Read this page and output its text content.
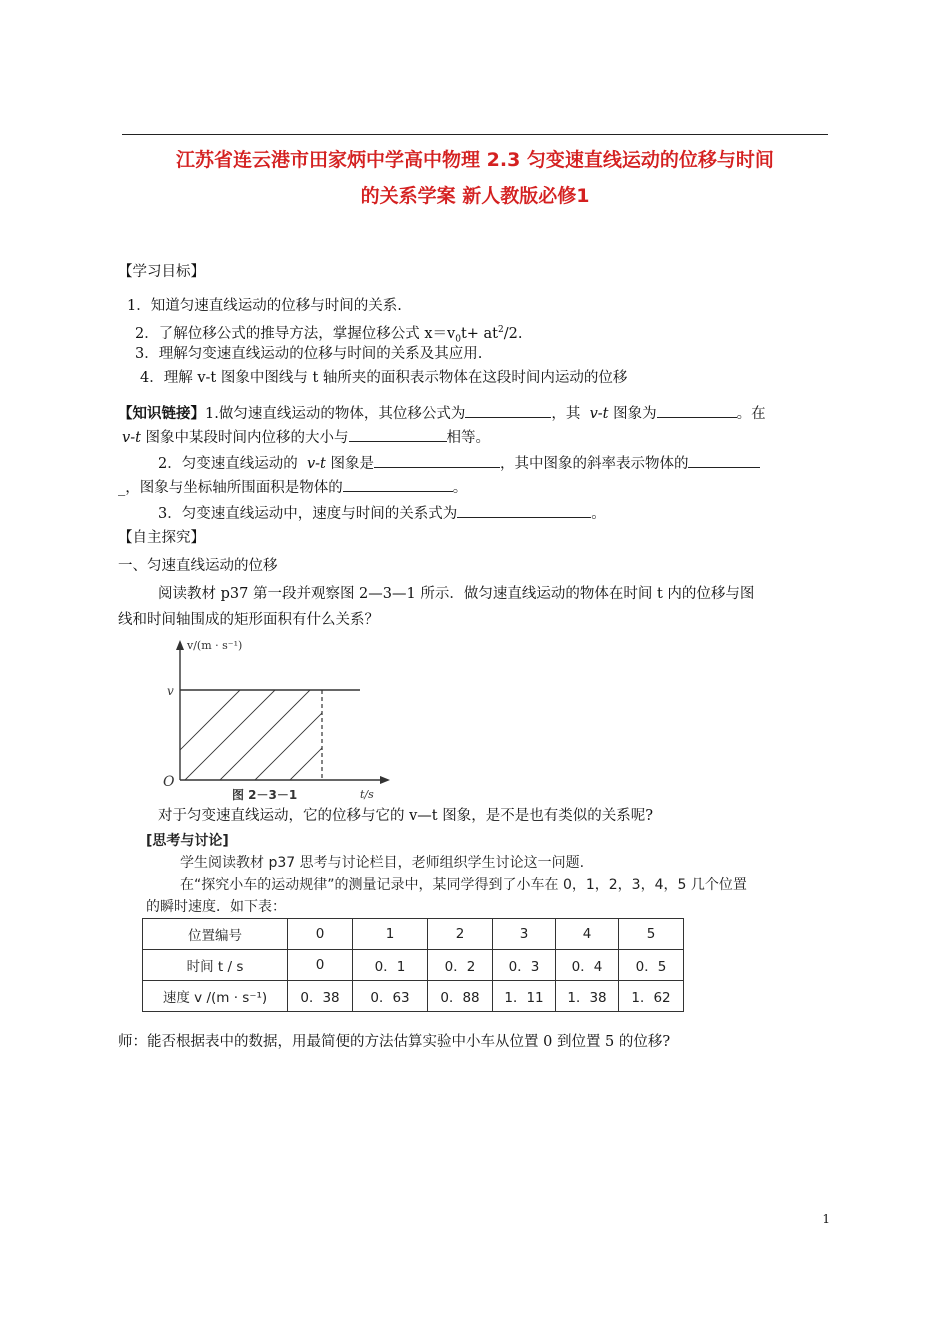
江苏省连云港市田家炳中学高中物理 2.3 匀变速直线运动的位移与时间
的关系学案 新人教版必修1
【学习目标】
1．知道匀速直线运动的位移与时间的关系.
2．了解位移公式的推导方法，掌握位移公式 $x=v_0t+ at^2/2$.
3．理解匀变速直线运动的位移与时间的关系及其应用.
4．理解 v-t 图象中图线与 t 轴所夹的面积表示物体在这段时间内运动的位移
【知识链接】1.做匀速直线运动的物体，其位移公式为	，其 v-t 图象为	。在
v-t 图象中某段时间内位移的大小与	相等。
2．匀变速直线运动的 v-t 图象是	，其中图象的斜率表示物体的
_，图象与坐标轴所围面积是物体的	。
3．匀变速直线运动中，速度与时间的关系式为	。
【自主探究】
一、匀速直线运动的位移
阅读教材 p37 第一段并观察图 2—3—1 所示．做匀速直线运动的物体在时间 t 内的位移与图
线和时间轴围成的矩形面积有什么关系？
v/(m · s⁻¹)
v
O
t/s
图 2－3－1
对于匀变速直线运动，它的位移与它的 v—t 图象，是不是也有类似的关系呢?
[思考与讨论]
学生阅读教材 p37 思考与讨论栏目，老师组织学生讨论这一问题.
在“探究小车的运动规律”的测量记录中，某同学得到了小车在 0，1，2，3，4，5 几个位置
的瞬时速度．如下表：
位置编号	0	1	2	3	4	5
时间 t / s	0	0．1	0．2	0．3	0．4	0．5
速度 v /(m · s⁻¹)	0．38	0．63	0．88	1．11	1．38	1．62
师：能否根据表中的数据，用最简便的方法估算实验中小车从位置 0 到位置 5 的位移?
1
